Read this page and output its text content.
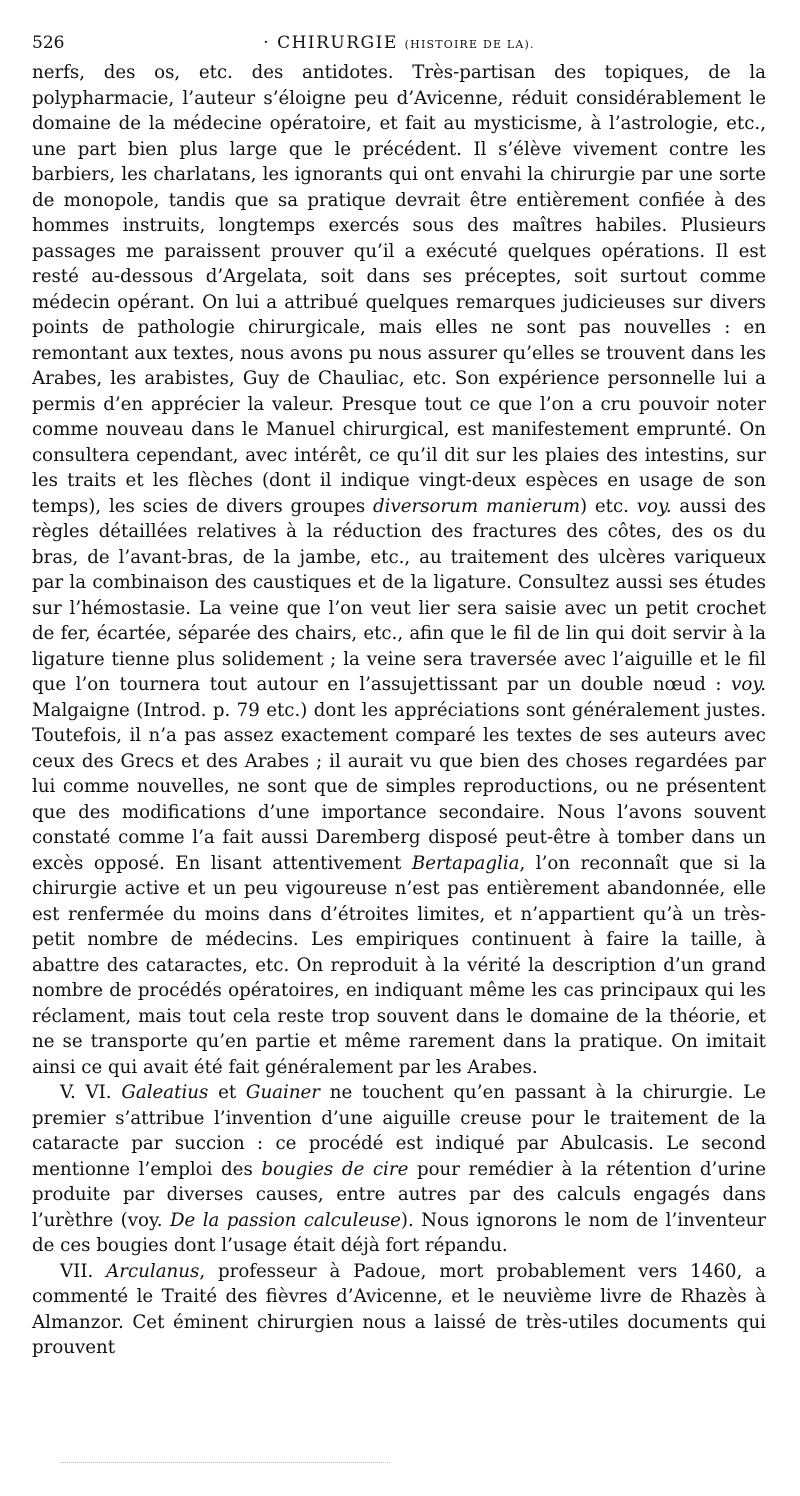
526	· CHIRURGIE (HISTOIRE DE LA).

nerfs, des os, etc. des antidotes. Très-partisan des topiques, de la polypharmacie, l’auteur s’éloigne peu d’Avicenne, réduit considérablement le domaine de la médecine opératoire, et fait au mysticisme, à l’astrologie, etc., une part bien plus large que le précédent. Il s’élève vivement contre les barbiers, les charlatans, les ignorants qui ont envahi la chirurgie par une sorte de monopole, tandis que sa pratique devrait être entièrement confiée à des hommes instruits, longtemps exercés sous des maîtres habiles. Plusieurs passages me paraissent prouver qu’il a exécuté quelques opérations. Il est resté au-dessous d’Argelata, soit dans ses préceptes, soit surtout comme médecin opérant. On lui a attribué quelques remarques judicieuses sur divers points de pathologie chirurgicale, mais elles ne sont pas nouvelles : en remontant aux textes, nous avons pu nous assurer qu’elles se trouvent dans les Arabes, les arabistes, Guy de Chauliac, etc. Son expérience personnelle lui a permis d’en apprécier la valeur. Presque tout ce que l’on a cru pouvoir noter comme nouveau dans le Manuel chirurgical, est manifestement emprunté. On consultera cependant, avec intérêt, ce qu’il dit sur les plaies des intestins, sur les traits et les flèches (dont il indique vingt-deux espèces en usage de son temps), les scies de divers groupes diversorum manierum) etc. voy. aussi des règles détaillées relatives à la réduction des fractures des côtes, des os du bras, de l’avant-bras, de la jambe, etc., au traitement des ulcères variqueux par la combinaison des caustiques et de la ligature. Consultez aussi ses études sur l’hémostasie. La veine que l’on veut lier sera saisie avec un petit crochet de fer, écartée, séparée des chairs, etc., afin que le fil de lin qui doit servir à la ligature tienne plus solidement ; la veine sera traversée avec l’aiguille et le fil que l’on tournera tout autour en l’assujettissant par un double nœud : voy. Malgaigne (Introd. p. 79 etc.) dont les appréciations sont généralement justes. Toutefois, il n’a pas assez exactement comparé les textes de ses auteurs avec ceux des Grecs et des Arabes ; il aurait vu que bien des choses regardées par lui comme nouvelles, ne sont que de simples reproductions, ou ne présentent que des modifications d’une importance secondaire. Nous l’avons souvent constaté comme l’a fait aussi Daremberg disposé peut-être à tomber dans un excès opposé. En lisant attentivement Bertapaglia, l’on reconnaît que si la chirurgie active et un peu vigoureuse n’est pas entièrement abandonnée, elle est renfermée du moins dans d’étroites limites, et n’appartient qu’à un très-petit nombre de médecins. Les empiriques continuent à faire la taille, à abattre des cataractes, etc. On reproduit à la vérité la description d’un grand nombre de procédés opératoires, en indiquant même les cas principaux qui les réclament, mais tout cela reste trop souvent dans le domaine de la théorie, et ne se transporte qu’en partie et même rarement dans la pratique. On imitait ainsi ce qui avait été fait généralement par les Arabes.

V. VI. Galeatius et Guainer ne touchent qu’en passant à la chirurgie. Le premier s’attribue l’invention d’une aiguille creuse pour le traitement de la cataracte par succion : ce procédé est indiqué par Abulcasis. Le second mentionne l’emploi des bougies de cire pour remédier à la rétention d’urine produite par diverses causes, entre autres par des calculs engagés dans l’urèthre (voy. De la passion calculeuse). Nous ignorons le nom de l’inventeur de ces bougies dont l’usage était déjà fort répandu.

VII. Arculanus, professeur à Padoue, mort probablement vers 1460, a commenté le Traité des fièvres d’Avicenne, et le neuvième livre de Rhazès à Almanzor. Cet éminent chirurgien nous a laissé de très-utiles documents qui prouvent
